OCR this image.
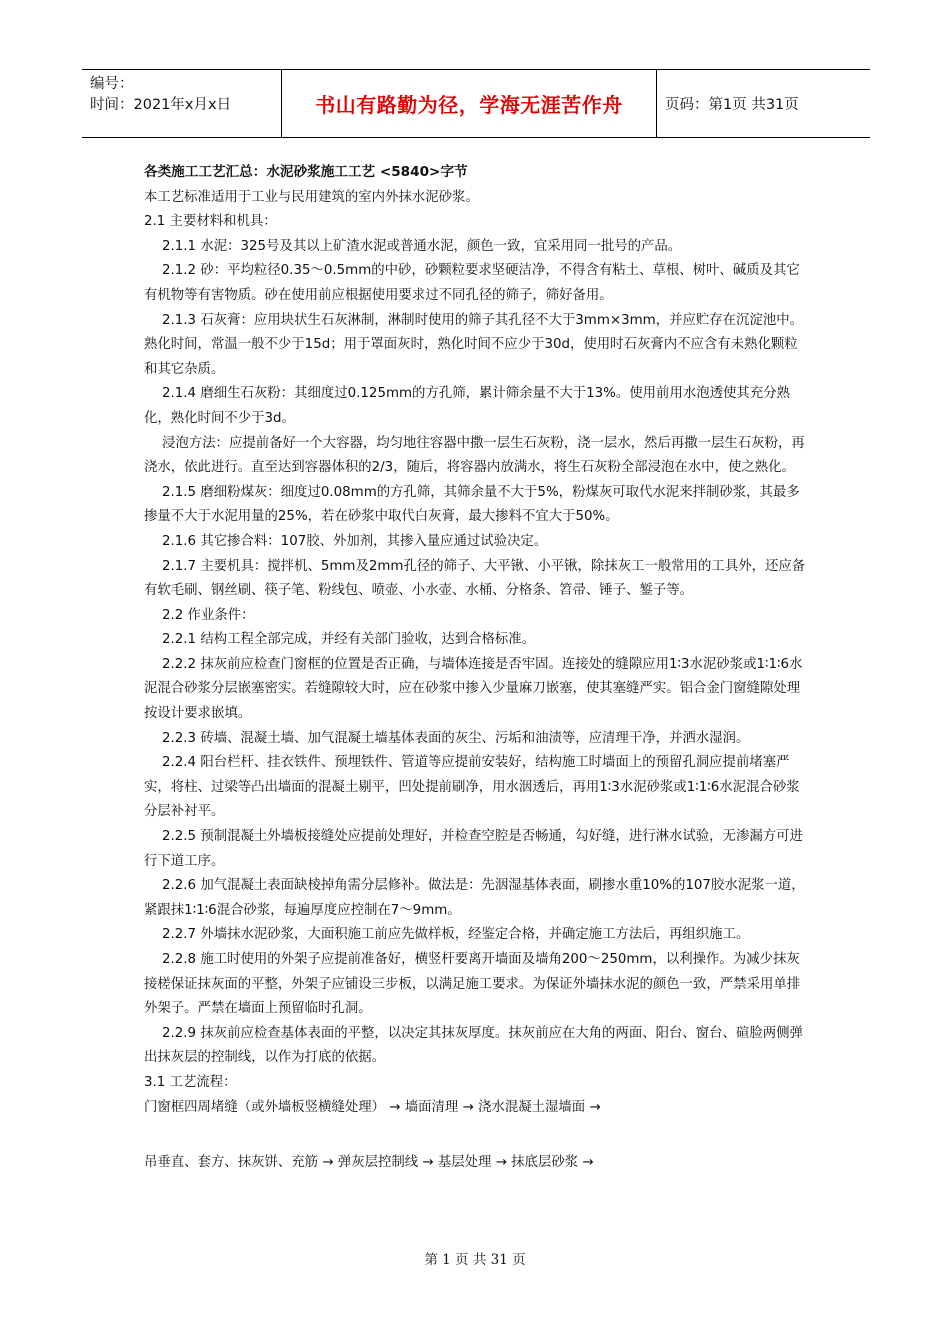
编号：
时间：2021年x月x日	书山有路勤为径，学海无涯苦作舟	页码：第1页 共31页

各类施工工艺汇总：水泥砂浆施工工艺 <5840>字节

本工艺标准适用于工业与民用建筑的室内外抹水泥砂浆。

2.1 主要材料和机具：

2.1.1 水泥：325号及其以上矿渣水泥或普通水泥，颜色一致，宜采用同一批号的产品。

2.1.2 砂：平均粒径0.35～0.5mm的中砂，砂颗粒要求坚硬洁净，不得含有粘土、草根、树叶、碱质及其它有机物等有害物质。砂在使用前应根据使用要求过不同孔径的筛子，筛好备用。

2.1.3 石灰膏：应用块状生石灰淋制，淋制时使用的筛子其孔径不大于3mm×3mm，并应贮存在沉淀池中。熟化时间，常温一般不少于15d；用于罩面灰时，熟化时间不应少于30d，使用时石灰膏内不应含有未熟化颗粒和其它杂质。

2.1.4 磨细生石灰粉：其细度过0.125mm的方孔筛，累计筛余量不大于13%。使用前用水泡透使其充分熟化，熟化时间不少于3d。

浸泡方法：应提前备好一个大容器，均匀地往容器中撒一层生石灰粉，浇一层水，然后再撒一层生石灰粉，再浇水，依此进行。直至达到容器体积的2/3，随后，将容器内放满水，将生石灰粉全部浸泡在水中，使之熟化。

2.1.5 磨细粉煤灰：细度过0.08mm的方孔筛，其筛余量不大于5%，粉煤灰可取代水泥来拌制砂浆，其最多掺量不大于水泥用量的25%，若在砂浆中取代白灰膏，最大掺料不宜大于50%。

2.1.6 其它掺合料：107胶、外加剂，其掺入量应通过试验决定。

2.1.7 主要机具：搅拌机、5mm及2mm孔径的筛子、大平锹、小平锹，除抹灰工一般常用的工具外，还应备有软毛刷、钢丝刷、筷子笔、粉线包、喷壶、小水壶、水桶、分格条、笤帚、锤子、錾子等。

2.2 作业条件：

2.2.1 结构工程全部完成，并经有关部门验收，达到合格标准。

2.2.2 抹灰前应检查门窗框的位置是否正确，与墙体连接是否牢固。连接处的缝隙应用1∶3水泥砂浆或1∶1∶6水泥混合砂浆分层嵌塞密实。若缝隙较大时，应在砂浆中掺入少量麻刀嵌塞，使其塞缝严实。铝合金门窗缝隙处理按设计要求嵌填。

2.2.3 砖墙、混凝土墙、加气混凝土墙基体表面的灰尘、污垢和油渍等，应清理干净，并洒水湿润。

2.2.4 阳台栏杆、挂衣铁件、预埋铁件、管道等应提前安装好，结构施工时墙面上的预留孔洞应提前堵塞严实，将柱、过梁等凸出墙面的混凝土剔平，凹处提前刷净，用水洇透后，再用1∶3水泥砂浆或1∶1∶6水泥混合砂浆分层补衬平。

2.2.5 预制混凝土外墙板接缝处应提前处理好，并检查空腔是否畅通，勾好缝，进行淋水试验，无渗漏方可进行下道工序。

2.2.6 加气混凝土表面缺棱掉角需分层修补。做法是：先洇湿基体表面，刷掺水重10%的107胶水泥浆一道，紧跟抹1∶1∶6混合砂浆，每遍厚度应控制在7～9mm。

2.2.7 外墙抹水泥砂浆，大面积施工前应先做样板，经鉴定合格，并确定施工方法后，再组织施工。

2.2.8 施工时使用的外架子应提前准备好，横竖杆要离开墙面及墙角200～250mm，以利操作。为减少抹灰接槎保证抹灰面的平整，外架子应铺设三步板，以满足施工要求。为保证外墙抹水泥的颜色一致，严禁采用单排外架子。严禁在墙面上预留临时孔洞。

2.2.9 抹灰前应检查基体表面的平整，以决定其抹灰厚度。抹灰前应在大角的两面、阳台、窗台、碹脸两侧弹出抹灰层的控制线，以作为打底的依据。

3.1 工艺流程：

门窗框四周堵缝（或外墙板竖横缝处理） → 墙面清理 → 浇水混凝土湿墙面 →

吊垂直、套方、抹灰饼、充筋 → 弹灰层控制线 → 基层处理 → 抹底层砂浆 →

第 1 页 共 31 页
